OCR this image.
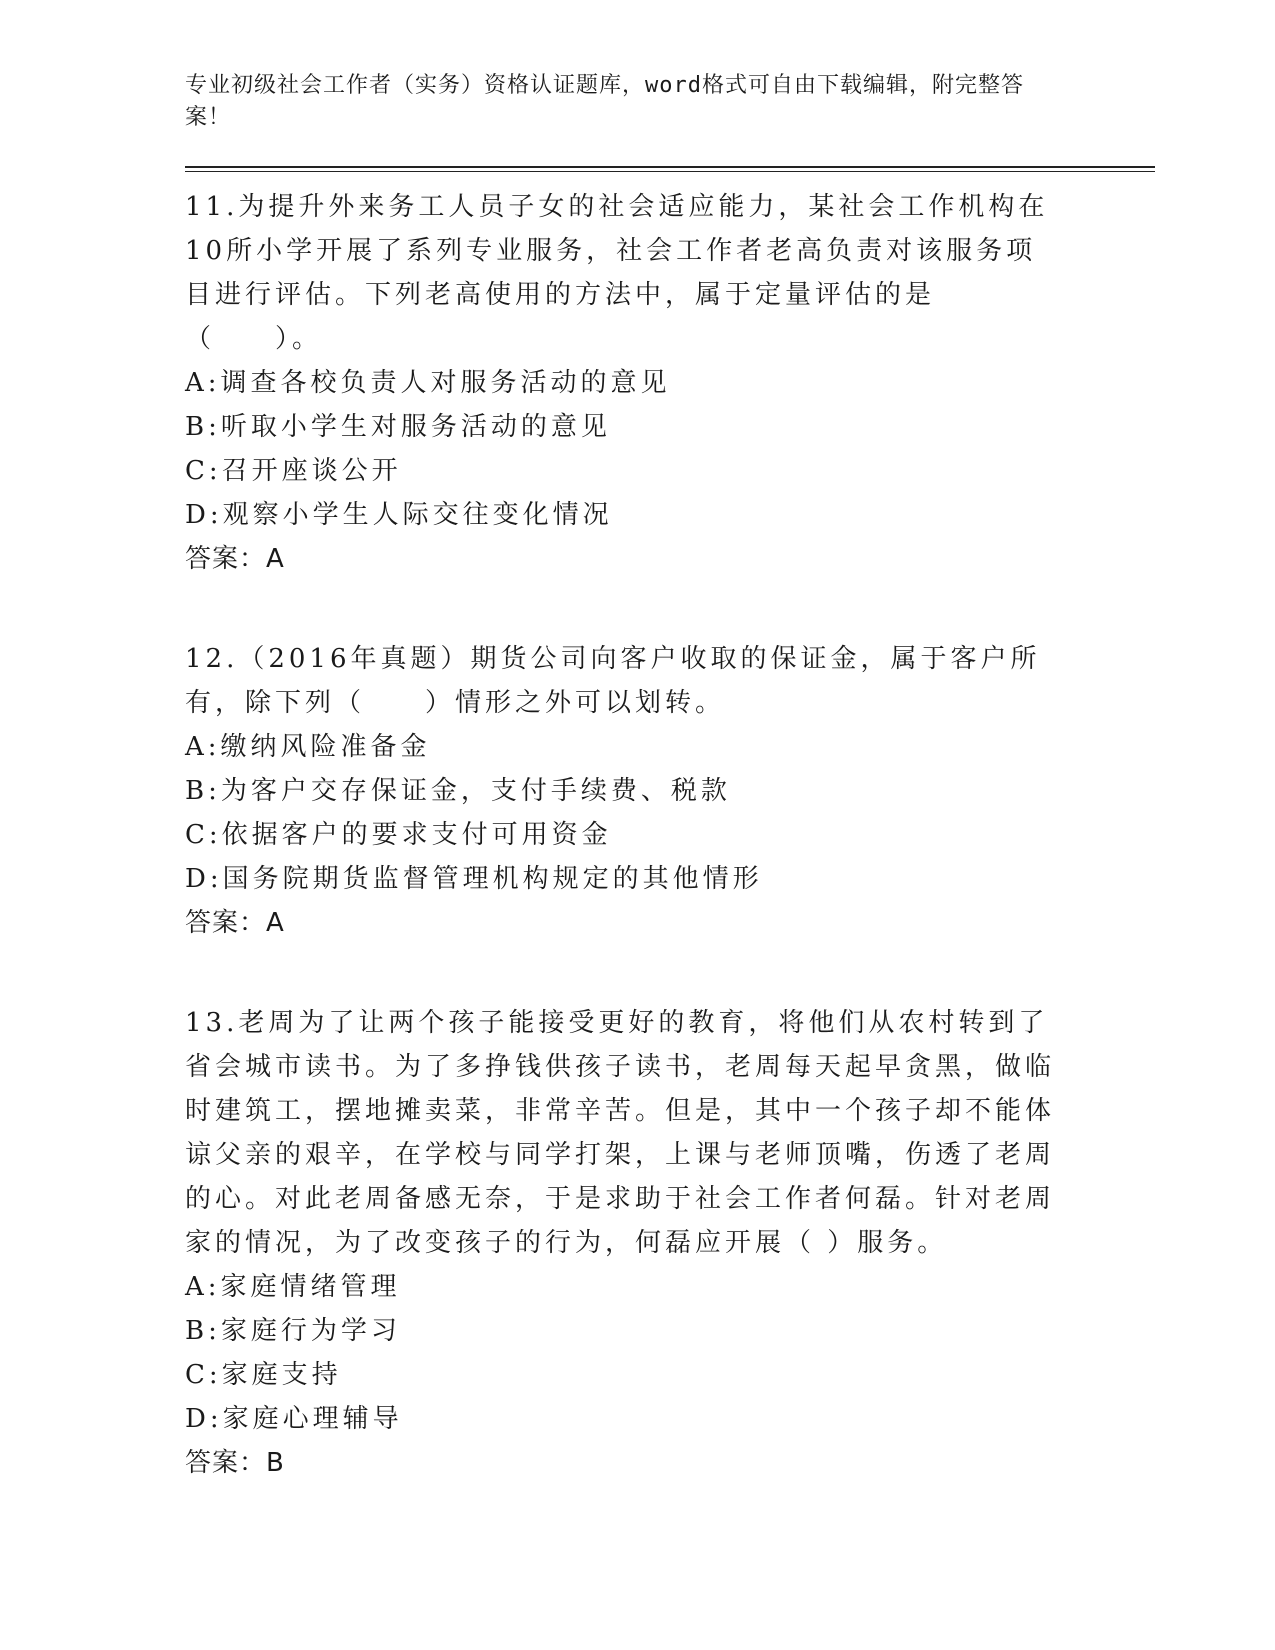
专业初级社会工作者（实务）资格认证题库，word格式可自由下载编辑，附完整答案！

11.为提升外来务工人员子女的社会适应能力，某社会工作机构在10所小学开展了系列专业服务，社会工作者老高负责对该服务项目进行评估。下列老高使用的方法中，属于定量评估的是（　　）。

A:调查各校负责人对服务活动的意见

B:听取小学生对服务活动的意见

C:召开座谈公开

D:观察小学生人际交往变化情况

答案：A

12.（2016年真题）期货公司向客户收取的保证金，属于客户所有，除下列（　　）情形之外可以划转。

A:缴纳风险准备金

B:为客户交存保证金，支付手续费、税款

C:依据客户的要求支付可用资金

D:国务院期货监督管理机构规定的其他情形

答案：A

13.老周为了让两个孩子能接受更好的教育，将他们从农村转到了省会城市读书。为了多挣钱供孩子读书，老周每天起早贪黑，做临时建筑工，摆地摊卖菜，非常辛苦。但是，其中一个孩子却不能体谅父亲的艰辛，在学校与同学打架，上课与老师顶嘴，伤透了老周的心。对此老周备感无奈，于是求助于社会工作者何磊。针对老周家的情况，为了改变孩子的行为，何磊应开展（ ）服务。

A:家庭情绪管理

B:家庭行为学习

C:家庭支持

D:家庭心理辅导

答案：B
